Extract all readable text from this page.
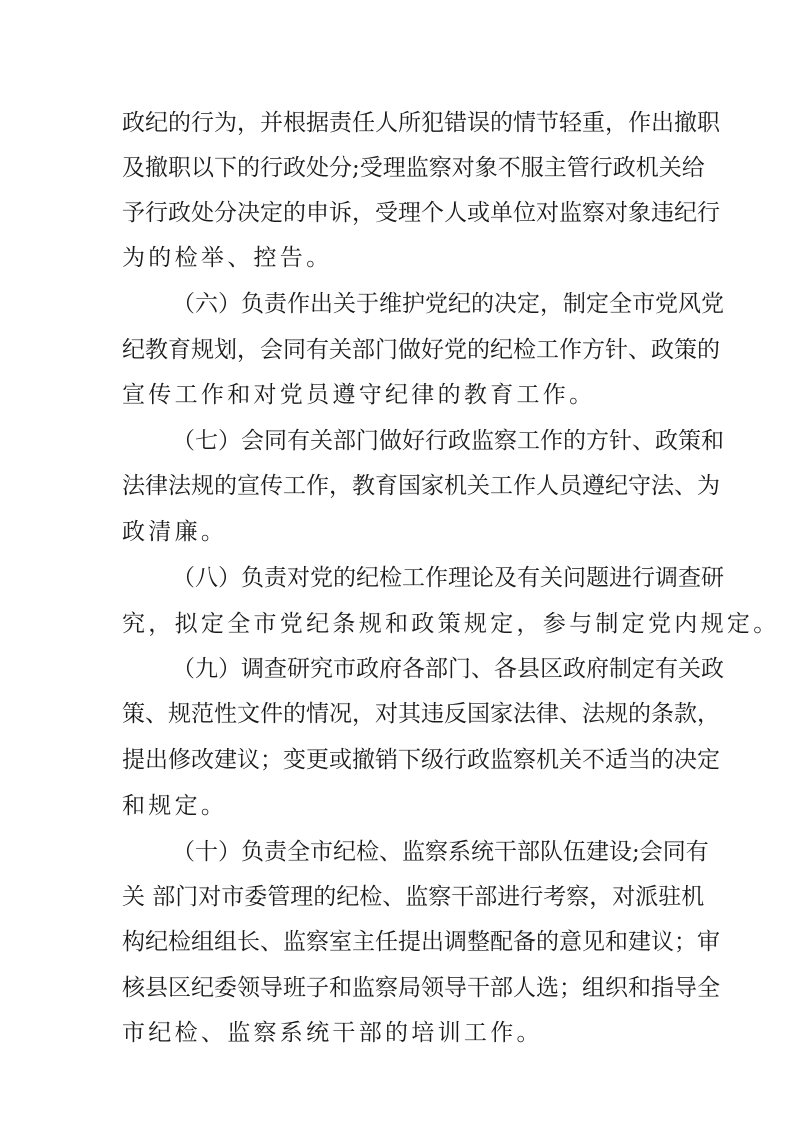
政纪的行为，并根据责任人所犯错误的情节轻重，作出撤职
及撤职以下的行政处分;受理监察对象不服主管行政机关给
予行政处分决定的申诉，受理个人或单位对监察对象违纪行
为的检举、控告。
（六）负责作出关于维护党纪的决定，制定全市党风党
纪教育规划，会同有关部门做好党的纪检工作方针、政策的
宣传工作和对党员遵守纪律的教育工作。
（七）会同有关部门做好行政监察工作的方针、政策和
法律法规的宣传工作，教育国家机关工作人员遵纪守法、为
政清廉。
（八）负责对党的纪检工作理论及有关问题进行调查研
究，拟定全市党纪条规和政策规定，参与制定党内规定。
（九）调查研究市政府各部门、各县区政府制定有关政
策、规范性文件的情况，对其违反国家法律、法规的条款，
提出修改建议；变更或撤销下级行政监察机关不适当的决定
和规定。
（十）负责全市纪检、监察系统干部队伍建设;会同有
关 部门对市委管理的纪检、监察干部进行考察，对派驻机
构纪检组组长、监察室主任提出调整配备的意见和建议；审
核县区纪委领导班子和监察局领导干部人选；组织和指导全
市纪检、监察系统干部的培训工作。
